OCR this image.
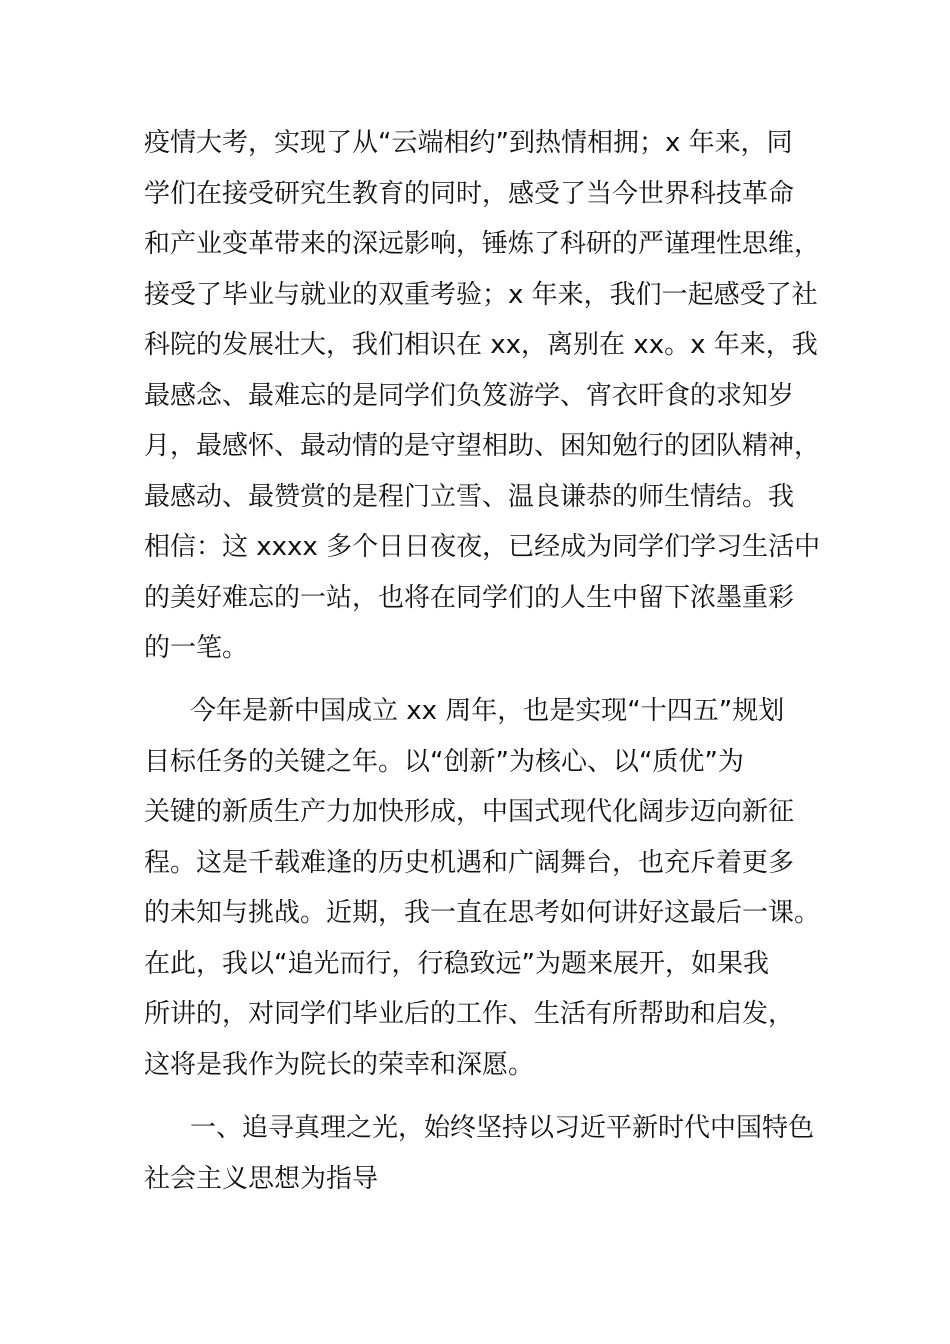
疫情大考，实现了从“云端相约”到热情相拥；x 年来，同
学们在接受研究生教育的同时，感受了当今世界科技革命
和产业变革带来的深远影响，锤炼了科研的严谨理性思维，
接受了毕业与就业的双重考验；x 年来，我们一起感受了社
科院的发展壮大，我们相识在 xx，离别在 xx。x 年来，我
最感念、最难忘的是同学们负笈游学、宵衣旰食的求知岁
月，最感怀、最动情的是守望相助、困知勉行的团队精神，
最感动、最赞赏的是程门立雪、温良谦恭的师生情结。我
相信：这 xxxx 多个日日夜夜，已经成为同学们学习生活中
的美好难忘的一站，也将在同学们的人生中留下浓墨重彩
的一笔。
今年是新中国成立 xx 周年，也是实现“十四五”规划
目标任务的关键之年。以“创新”为核心、以“质优”为
关键的新质生产力加快形成，中国式现代化阔步迈向新征
程。这是千载难逢的历史机遇和广阔舞台，也充斥着更多
的未知与挑战。近期，我一直在思考如何讲好这最后一课。
在此，我以“追光而行，行稳致远”为题来展开，如果我
所讲的，对同学们毕业后的工作、生活有所帮助和启发，
这将是我作为院长的荣幸和深愿。
一、追寻真理之光，始终坚持以习近平新时代中国特色
社会主义思想为指导
